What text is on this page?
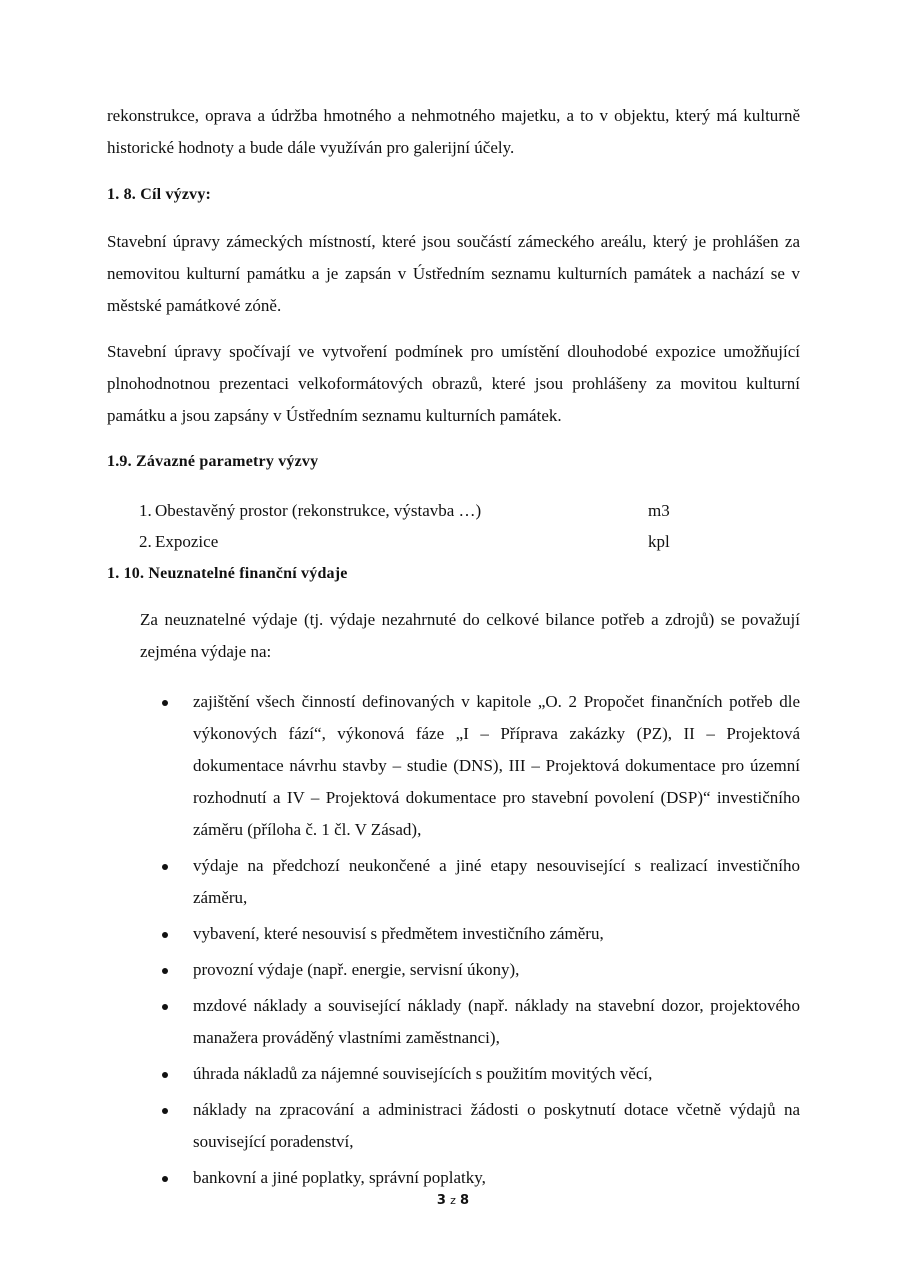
rekonstrukce, oprava a údržba hmotného a nehmotného majetku, a to v objektu, který má kulturně historické hodnoty a bude dále využíván pro galerijní účely.

1. 8. Cíl výzvy:

Stavební úpravy zámeckých místností, které jsou součástí zámeckého areálu, který je prohlášen za nemovitou kulturní památku a je zapsán v Ústředním seznamu kulturních památek a nachází se v městské památkové zóně.

Stavební úpravy spočívají ve vytvoření podmínek pro umístění dlouhodobé expozice umožňující plnohodnotnou prezentaci velkoformátových obrazů, které jsou prohlášeny za movitou kulturní památku a jsou zapsány v Ústředním seznamu kulturních památek.

1.9. Závazné parametry výzvy
1. Obestavěný prostor (rekonstrukce, výstavba …)	m3
2. Expozice	kpl
1. 10. Neuznatelné finanční výdaje

Za neuznatelné výdaje (tj. výdaje nezahrnuté do celkové bilance potřeb a zdrojů) se považují zejména výdaje na:

zajištění všech činností definovaných v kapitole „O. 2 Propočet finančních potřeb dle výkonových fází“, výkonová fáze „I – Příprava zakázky (PZ), II – Projektová dokumentace návrhu stavby – studie (DNS), III – Projektová dokumentace pro územní rozhodnutí a IV – Projektová dokumentace pro stavební povolení (DSP)“ investičního záměru (příloha č. 1 čl. V Zásad),
výdaje na předchozí neukončené a jiné etapy nesouvisející s realizací investičního záměru,
vybavení, které nesouvisí s předmětem investičního záměru,
provozní výdaje (např. energie, servisní úkony),
mzdové náklady a související náklady (např. náklady na stavební dozor, projektového manažera prováděný vlastními zaměstnanci),
úhrada nákladů za nájemné souvisejících s použitím movitých věcí,
náklady na zpracování a administraci žádosti o poskytnutí dotace včetně výdajů na související poradenství,
bankovní a jiné poplatky, správní poplatky,
3 z 8
